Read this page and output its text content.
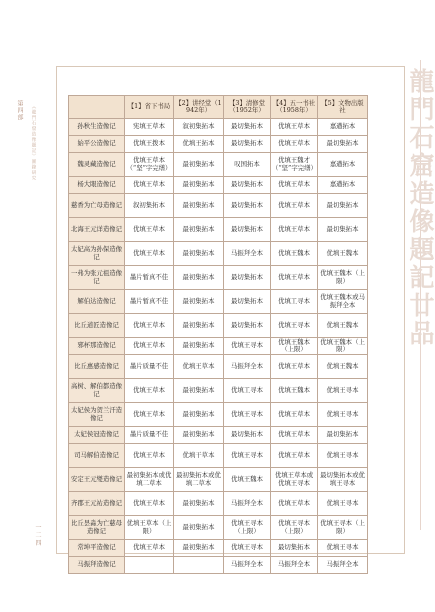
第四部	《龍門石窟造像題記》圖錄研究
一 二 四
龍門石窟造像題記廿品
	【1】省下书局	【2】讲经堂（1942年）	【3】清修堂（1952年）	【4】五一书社（1958年）	【5】文物出版社
孙秋生造像记	宪填王草本	叙初集拓本	最切集拓本	优填王草本	嘉遒拓本
始平公造像记	优填王拨本	优填王拓本	最切集拓本	优填王草本	最切集拓本
魏灵藏造像记	优填王草本（“坚”字完缮）	最初集拓本	叹国拓本	优填王魏才（“坚”字完缮）	嘉遒拓本
杨大眼造像记	优填王草本	最初集拓本	最切集拓本	优填王草本	嘉遒拓本
慈香为亡母造像记	叙初集拓本	最初集拓本	最切集拓本	优填王草本	最切集拓本
北海王元详造像记	优填王草本	最初集拓本	最切集拓本	优填王草本	最切集拓本
太妃高为孙保造像记	优填王草本	最初集拓本	马振拜全本	优填王魏本	优填王魏本
一弗为张元祖造像记	墨片暂真不佳	最初集拓本	最切集拓本	优填王草本	优填王魏本（上限）
解伯达造像记	墨片暂真不佳	最初集拓本	最切集拓本	优填工寻本	优填王魏本或马振拜全本
比丘道匠造像记	优填王草本	最初集拓本	最切集拓本	优填王寻本	优填王魏本
邪杯那造像记	优填王草本	最初集拓本	优填王寻本	优填王魏本（上限）	优填王魏本（上限）
比丘惠感造像记	墨片质量不佳	优填王草本	马振拜全本	优填王草本	优填王魏本
高树、解伯都造像记	优填王草本	最初集拓本	优填工寻本	优填王魏本	优填王寻本
太妃侯为贺兰汗造像记	优填王草本	最初集拓本	优填王寻本	优填王草本	优填王寻本
太妃侯冠造像记	墨片质量不佳	最初集拓本	最切集拓本	优填王草本	最切集拓本
司马解伯造像记	优填王草本	优填干草本	优填王寻本	优填王草本	优填王寻本
安定王元燮造像记	最初集拓本或优填二草本	最初集拓本或优填二草本	优填王魏本	优填王草本或优填王寻本	最切集拓本或优填王寻本
齐郡王元祐造像记	优填王草本	最初集拓本	马振拜全本	优填王草本	优填王寻本
比丘昙淼为亡慈母造像记	优填王草本（上限）	最初集拓本	优填王寻本（上限）	优填王寻本（上限）	优填王寻本（上限）
常坤平造像记	优填王草本	最初集拓本	优填王寻本	最切集拓本	优填王寻本
马振拜造像记			马振拜全本	马振拜全本	马振拜全本
